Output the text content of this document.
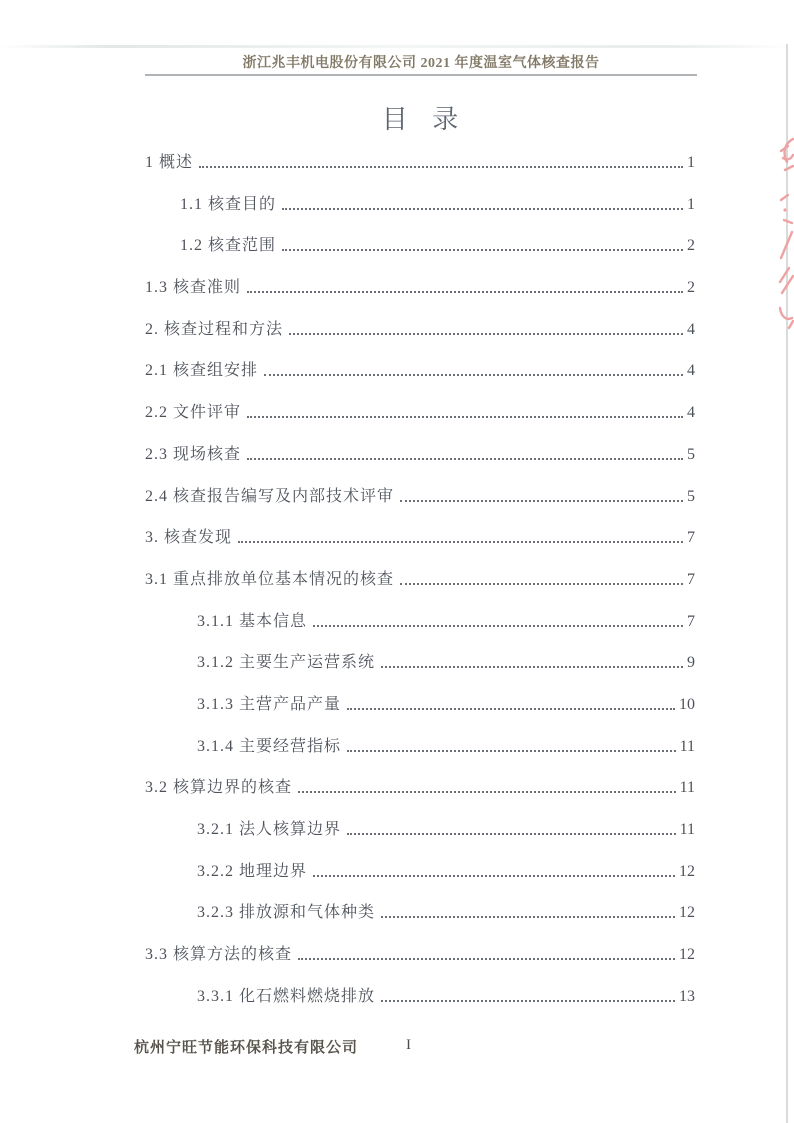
浙江兆丰机电股份有限公司 2021 年度温室气体核查报告
目 录
1 概述	1
1.1 核查目的	1
1.2 核查范围	2
1.3 核查准则	2
2. 核查过程和方法	4
2.1 核查组安排	4
2.2 文件评审	4
2.3 现场核查	5
2.4 核查报告编写及内部技术评审	5
3. 核查发现	7
3.1 重点排放单位基本情况的核查	7
3.1.1 基本信息	7
3.1.2 主要生产运营系统	9
3.1.3 主营产品产量	10
3.1.4 主要经营指标	11
3.2 核算边界的核查	11
3.2.1 法人核算边界	11
3.2.2 地理边界	12
3.2.3 排放源和气体种类	12
3.3 核算方法的核查	12
3.3.1 化石燃料燃烧排放	13
杭州宁旺节能环保科技有限公司	I
